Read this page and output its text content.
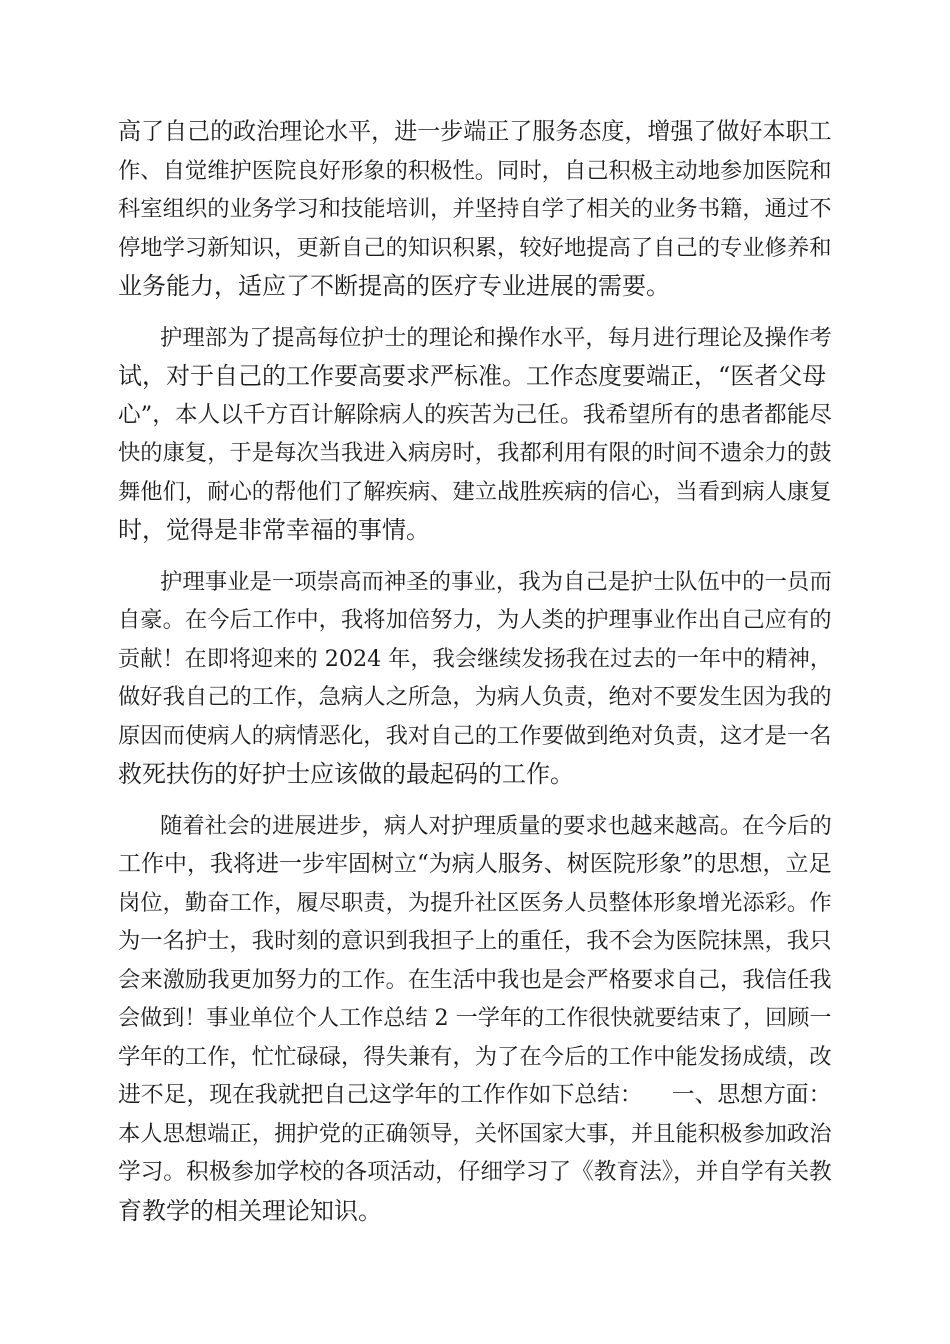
高了自己的政治理论水平，进一步端正了服务态度，增强了做好本职工
作、自觉维护医院良好形象的积极性。同时，自己积极主动地参加医院和
科室组织的业务学习和技能培训，并坚持自学了相关的业务书籍，通过不
停地学习新知识，更新自己的知识积累，较好地提高了自己的专业修养和
业务能力，适应了不断提高的医疗专业进展的需要。
护理部为了提高每位护士的理论和操作水平，每月进行理论及操作考
试，对于自己的工作要高要求严标准。工作态度要端正，“医者父母
心”，本人以千方百计解除病人的疾苦为己任。我希望所有的患者都能尽
快的康复，于是每次当我进入病房时，我都利用有限的时间不遗余力的鼓
舞他们，耐心的帮他们了解疾病、建立战胜疾病的信心，当看到病人康复
时，觉得是非常幸福的事情。
护理事业是一项崇高而神圣的事业，我为自己是护士队伍中的一员而
自豪。在今后工作中，我将加倍努力，为人类的护理事业作出自己应有的
贡献！在即将迎来的 2024 年，我会继续发扬我在过去的一年中的精神，
做好我自己的工作，急病人之所急，为病人负责，绝对不要发生因为我的
原因而使病人的病情恶化，我对自己的工作要做到绝对负责，这才是一名
救死扶伤的好护士应该做的最起码的工作。
随着社会的进展进步，病人对护理质量的要求也越来越高。在今后的
工作中，我将进一步牢固树立“为病人服务、树医院形象”的思想，立足
岗位，勤奋工作，履尽职责，为提升社区医务人员整体形象增光添彩。作
为一名护士，我时刻的意识到我担子上的重任，我不会为医院抹黑，我只
会来激励我更加努力的工作。在生活中我也是会严格要求自己，我信任我
会做到！事业单位个人工作总结 2 一学年的工作很快就要结束了，回顾一
学年的工作，忙忙碌碌，得失兼有，为了在今后的工作中能发扬成绩，改
进不足，现在我就把自己这学年的工作作如下总结：    一、思想方面：
本人思想端正，拥护党的正确领导，关怀国家大事，并且能积极参加政治
学习。积极参加学校的各项活动，仔细学习了《教育法》，并自学有关教
育教学的相关理论知识。
